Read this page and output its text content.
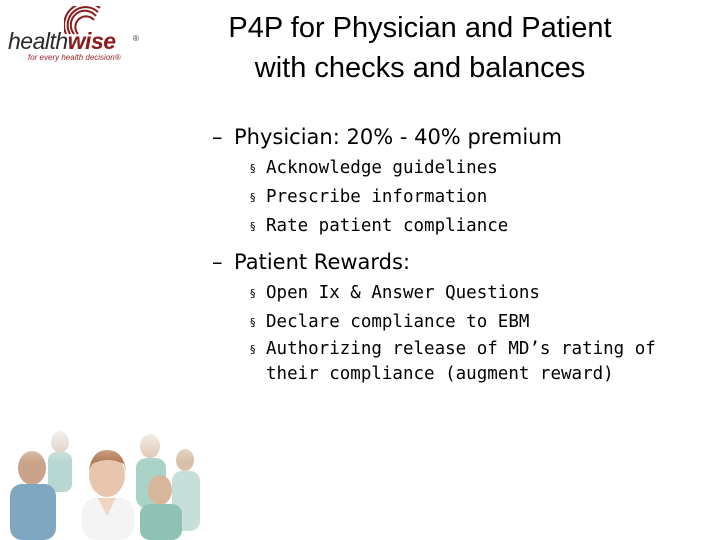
healthwise ®
for every health decision®
P4P for Physician and Patient
with checks and balances
– Physician: 20% - 40% premium
§ Acknowledge guidelines
§ Prescribe information
§ Rate patient compliance
– Patient Rewards:
§ Open Ix & Answer Questions
§ Declare compliance to EBM
§ Authorizing release of MD’s rating of their compliance (augment reward)
